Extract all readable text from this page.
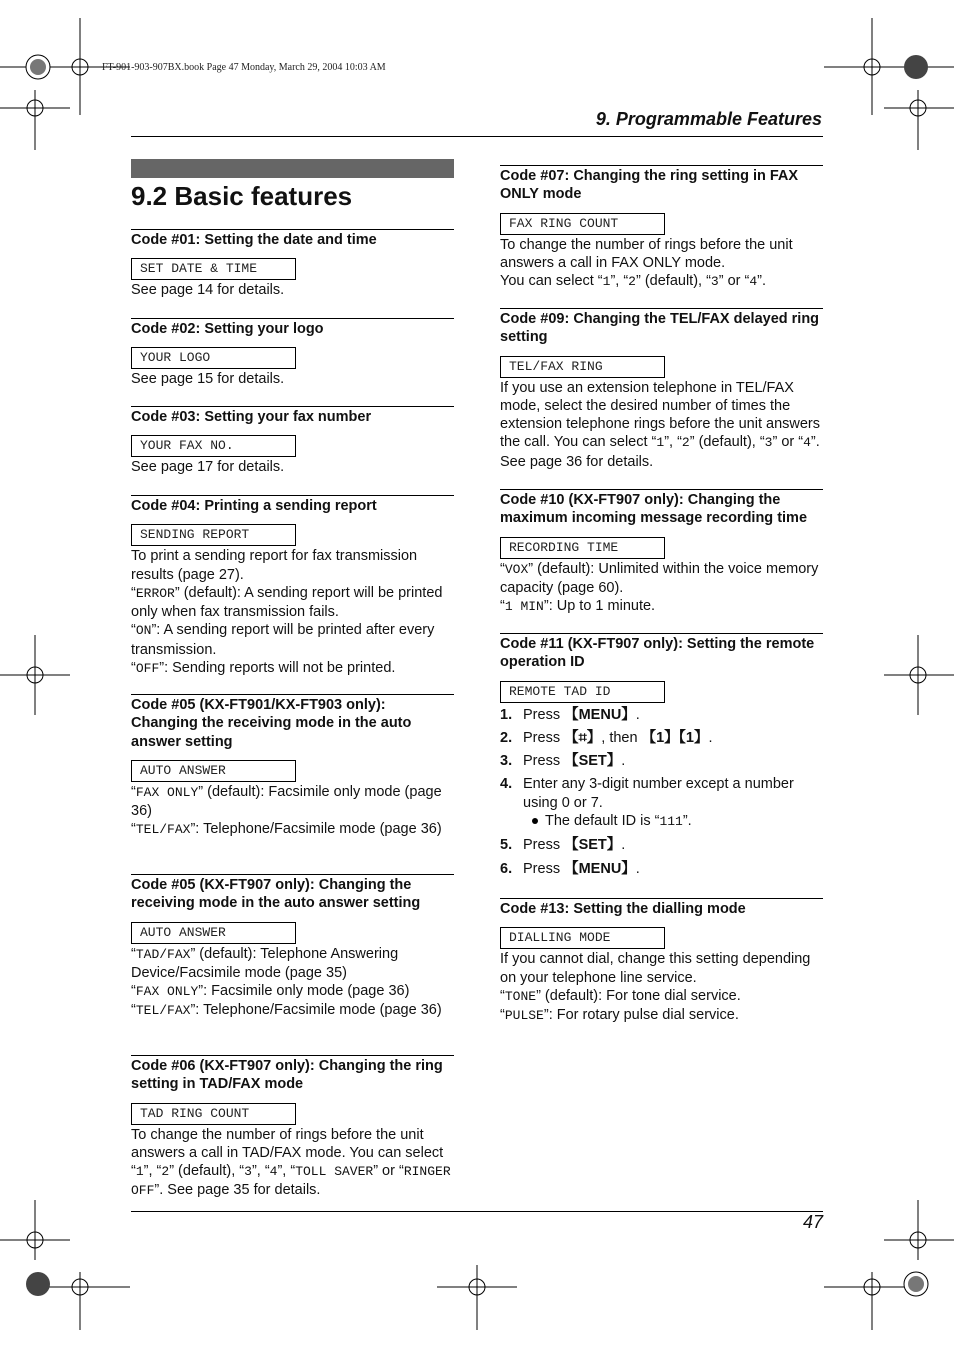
FT-901-903-907BX.book Page 47 Monday, March 29, 2004 10:03 AM
9. Programmable Features
9.2 Basic features
Code #01: Setting the date and time
SET DATE & TIME
See page 14 for details.
Code #02: Setting your logo
YOUR LOGO
See page 15 for details.
Code #03: Setting your fax number
YOUR FAX NO.
See page 17 for details.
Code #04: Printing a sending report
SENDING REPORT
To print a sending report for fax transmission results (page 27).
“ERROR” (default): A sending report will be printed only when fax transmission fails.
“ON”: A sending report will be printed after every transmission.
“OFF”: Sending reports will not be printed.
Code #05 (KX-FT901/KX-FT903 only): Changing the receiving mode in the auto answer setting
AUTO ANSWER
“FAX ONLY” (default): Facsimile only mode (page 36)
“TEL/FAX”: Telephone/Facsimile mode (page 36)
Code #05 (KX-FT907 only): Changing the receiving mode in the auto answer setting
AUTO ANSWER
“TAD/FAX” (default): Telephone Answering Device/Facsimile mode (page 35)
“FAX ONLY”: Facsimile only mode (page 36)
“TEL/FAX”: Telephone/Facsimile mode (page 36)
Code #06 (KX-FT907 only): Changing the ring setting in TAD/FAX mode
TAD RING COUNT
To change the number of rings before the unit answers a call in TAD/FAX mode. You can select “1”, “2” (default), “3”, “4”, “TOLL SAVER” or “RINGER OFF”. See page 35 for details.
Code #07: Changing the ring setting in FAX ONLY mode
FAX RING COUNT
To change the number of rings before the unit answers a call in FAX ONLY mode.
You can select “1”, “2” (default), “3” or “4”.
Code #09: Changing the TEL/FAX delayed ring setting
TEL/FAX RING
If you use an extension telephone in TEL/FAX mode, select the desired number of times the extension telephone rings before the unit answers the call. You can select “1”, “2” (default), “3” or “4”. See page 36 for details.
Code #10 (KX-FT907 only): Changing the maximum incoming message recording time
RECORDING TIME
“VOX” (default): Unlimited within the voice memory capacity (page 60).
“1 MIN”: Up to 1 minute.
Code #11 (KX-FT907 only): Setting the remote operation ID
REMOTE TAD ID
1. Press 【MENU】.
2. Press 【⌗】, then 【1】【1】.
3. Press 【SET】.
4. Enter any 3-digit number except a number using 0 or 7.
The default ID is “111”.
5. Press 【SET】.
6. Press 【MENU】.
Code #13: Setting the dialling mode
DIALLING MODE
If you cannot dial, change this setting depending on your telephone line service.
“TONE” (default): For tone dial service.
“PULSE”: For rotary pulse dial service.
47
